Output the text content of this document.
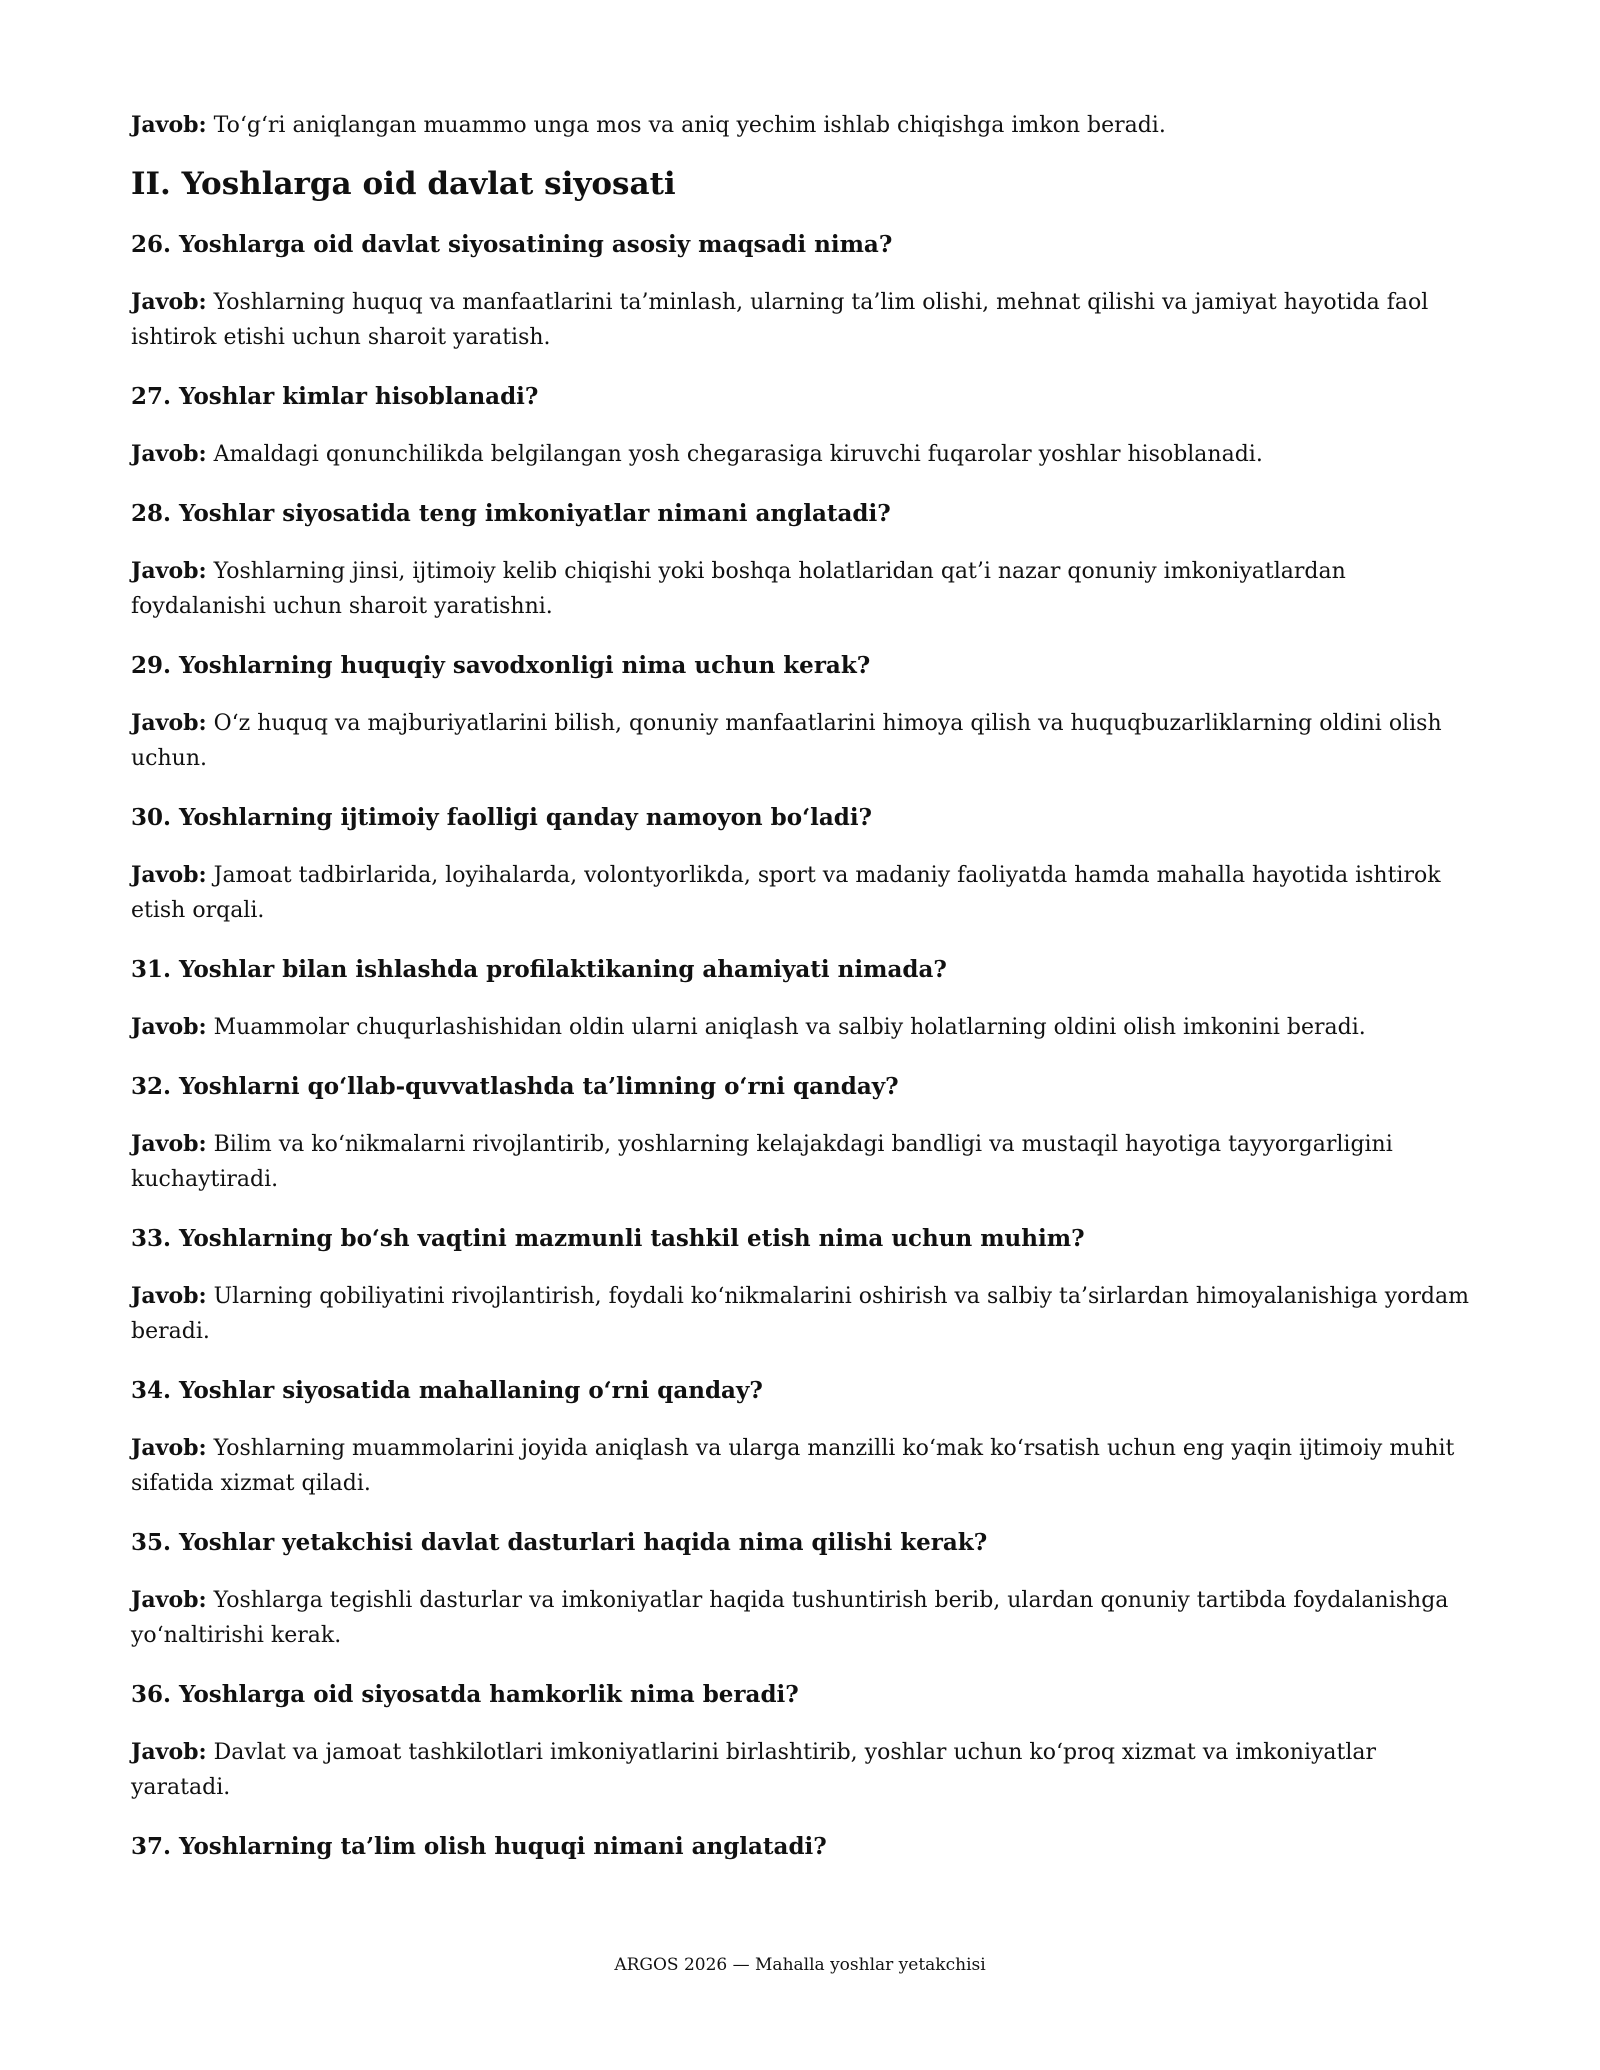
Javob: To‘g‘ri aniqlangan muammo unga mos va aniq yechim ishlab chiqishga imkon beradi.

II. Yoshlarga oid davlat siyosati

26. Yoshlarga oid davlat siyosatining asosiy maqsadi nima?

Javob: Yoshlarning huquq va manfaatlarini ta’minlash, ularning ta’lim olishi, mehnat qilishi va jamiyat hayotida faol ishtirok etishi uchun sharoit yaratish.

27. Yoshlar kimlar hisoblanadi?

Javob: Amaldagi qonunchilikda belgilangan yosh chegarasiga kiruvchi fuqarolar yoshlar hisoblanadi.

28. Yoshlar siyosatida teng imkoniyatlar nimani anglatadi?

Javob: Yoshlarning jinsi, ijtimoiy kelib chiqishi yoki boshqa holatlaridan qat’i nazar qonuniy imkoniyatlardan foydalanishi uchun sharoit yaratishni.

29. Yoshlarning huquqiy savodxonligi nima uchun kerak?

Javob: O‘z huquq va majburiyatlarini bilish, qonuniy manfaatlarini himoya qilish va huquqbuzarliklarning oldini olish uchun.

30. Yoshlarning ijtimoiy faolligi qanday namoyon bo‘ladi?

Javob: Jamoat tadbirlarida, loyihalarda, volontyorlikda, sport va madaniy faoliyatda hamda mahalla hayotida ishtirok etish orqali.

31. Yoshlar bilan ishlashda profilaktikaning ahamiyati nimada?

Javob: Muammolar chuqurlashishidan oldin ularni aniqlash va salbiy holatlarning oldini olish imkonini beradi.

32. Yoshlarni qo‘llab-quvvatlashda ta’limning o‘rni qanday?

Javob: Bilim va ko‘nikmalarni rivojlantirib, yoshlarning kelajakdagi bandligi va mustaqil hayotiga tayyorgarligini kuchaytiradi.

33. Yoshlarning bo‘sh vaqtini mazmunli tashkil etish nima uchun muhim?

Javob: Ularning qobiliyatini rivojlantirish, foydali ko‘nikmalarini oshirish va salbiy ta’sirlardan himoyalanishiga yordam beradi.

34. Yoshlar siyosatida mahallaning o‘rni qanday?

Javob: Yoshlarning muammolarini joyida aniqlash va ularga manzilli ko‘mak ko‘rsatish uchun eng yaqin ijtimoiy muhit sifatida xizmat qiladi.

35. Yoshlar yetakchisi davlat dasturlari haqida nima qilishi kerak?

Javob: Yoshlarga tegishli dasturlar va imkoniyatlar haqida tushuntirish berib, ulardan qonuniy tartibda foydalanishga yo‘naltirishi kerak.

36. Yoshlarga oid siyosatda hamkorlik nima beradi?

Javob: Davlat va jamoat tashkilotlari imkoniyatlarini birlashtirib, yoshlar uchun ko‘proq xizmat va imkoniyatlar yaratadi.

37. Yoshlarning ta’lim olish huquqi nimani anglatadi?

ARGOS 2026 — Mahalla yoshlar yetakchisi
